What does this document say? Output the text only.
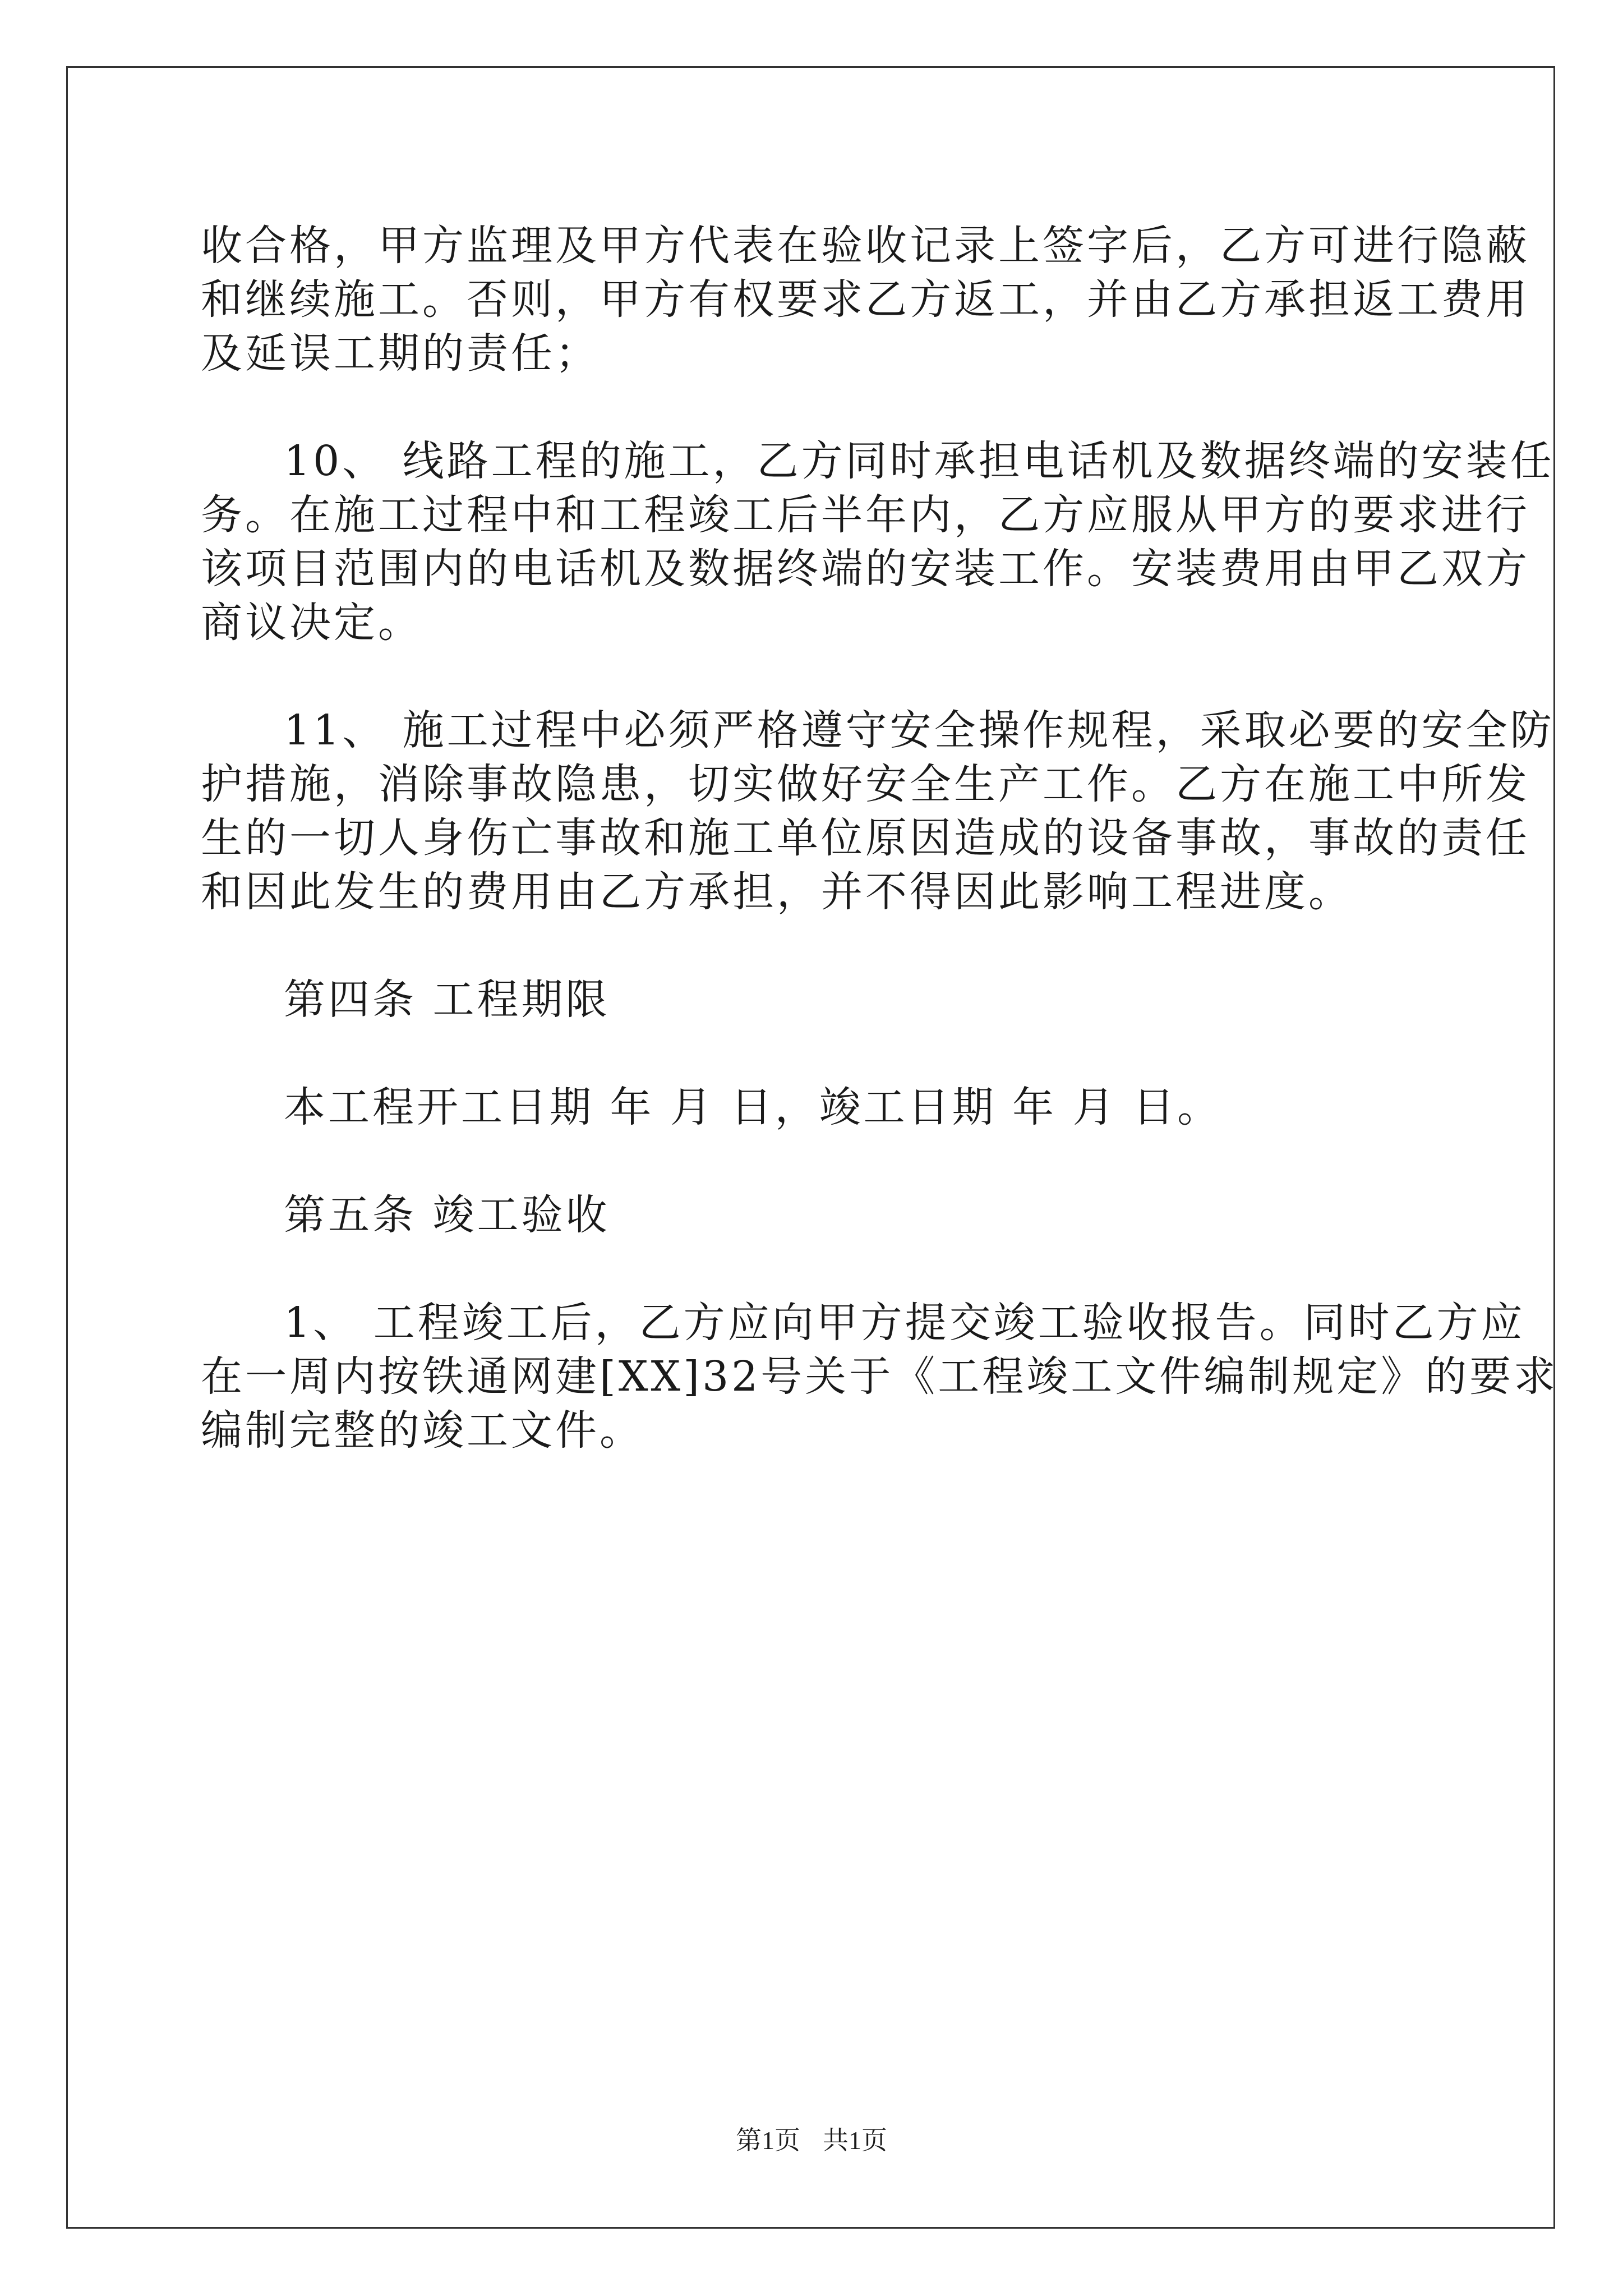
收合格，甲方监理及甲方代表在验收记录上签字后，乙方可进行隐蔽

和继续施工。否则，甲方有权要求乙方返工，并由乙方承担返工费用

及延误工期的责任；

10、 线路工程的施工，乙方同时承担电话机及数据终端的安装任

务。在施工过程中和工程竣工后半年内，乙方应服从甲方的要求进行

该项目范围内的电话机及数据终端的安装工作。安装费用由甲乙双方

商议决定。

11、 施工过程中必须严格遵守安全操作规程，采取必要的安全防

护措施，消除事故隐患，切实做好安全生产工作。乙方在施工中所发

生的一切人身伤亡事故和施工单位原因造成的设备事故，事故的责任

和因此发生的费用由乙方承担，并不得因此影响工程进度。

第四条 工程期限

本工程开工日期 年 月 日，竣工日期 年 月 日。

第五条 竣工验收

1、 工程竣工后，乙方应向甲方提交竣工验收报告。同时乙方应

在一周内按铁通网建[XX]32号关于《工程竣工文件编制规定》的要求

编制完整的竣工文件。

第1页 共1页
